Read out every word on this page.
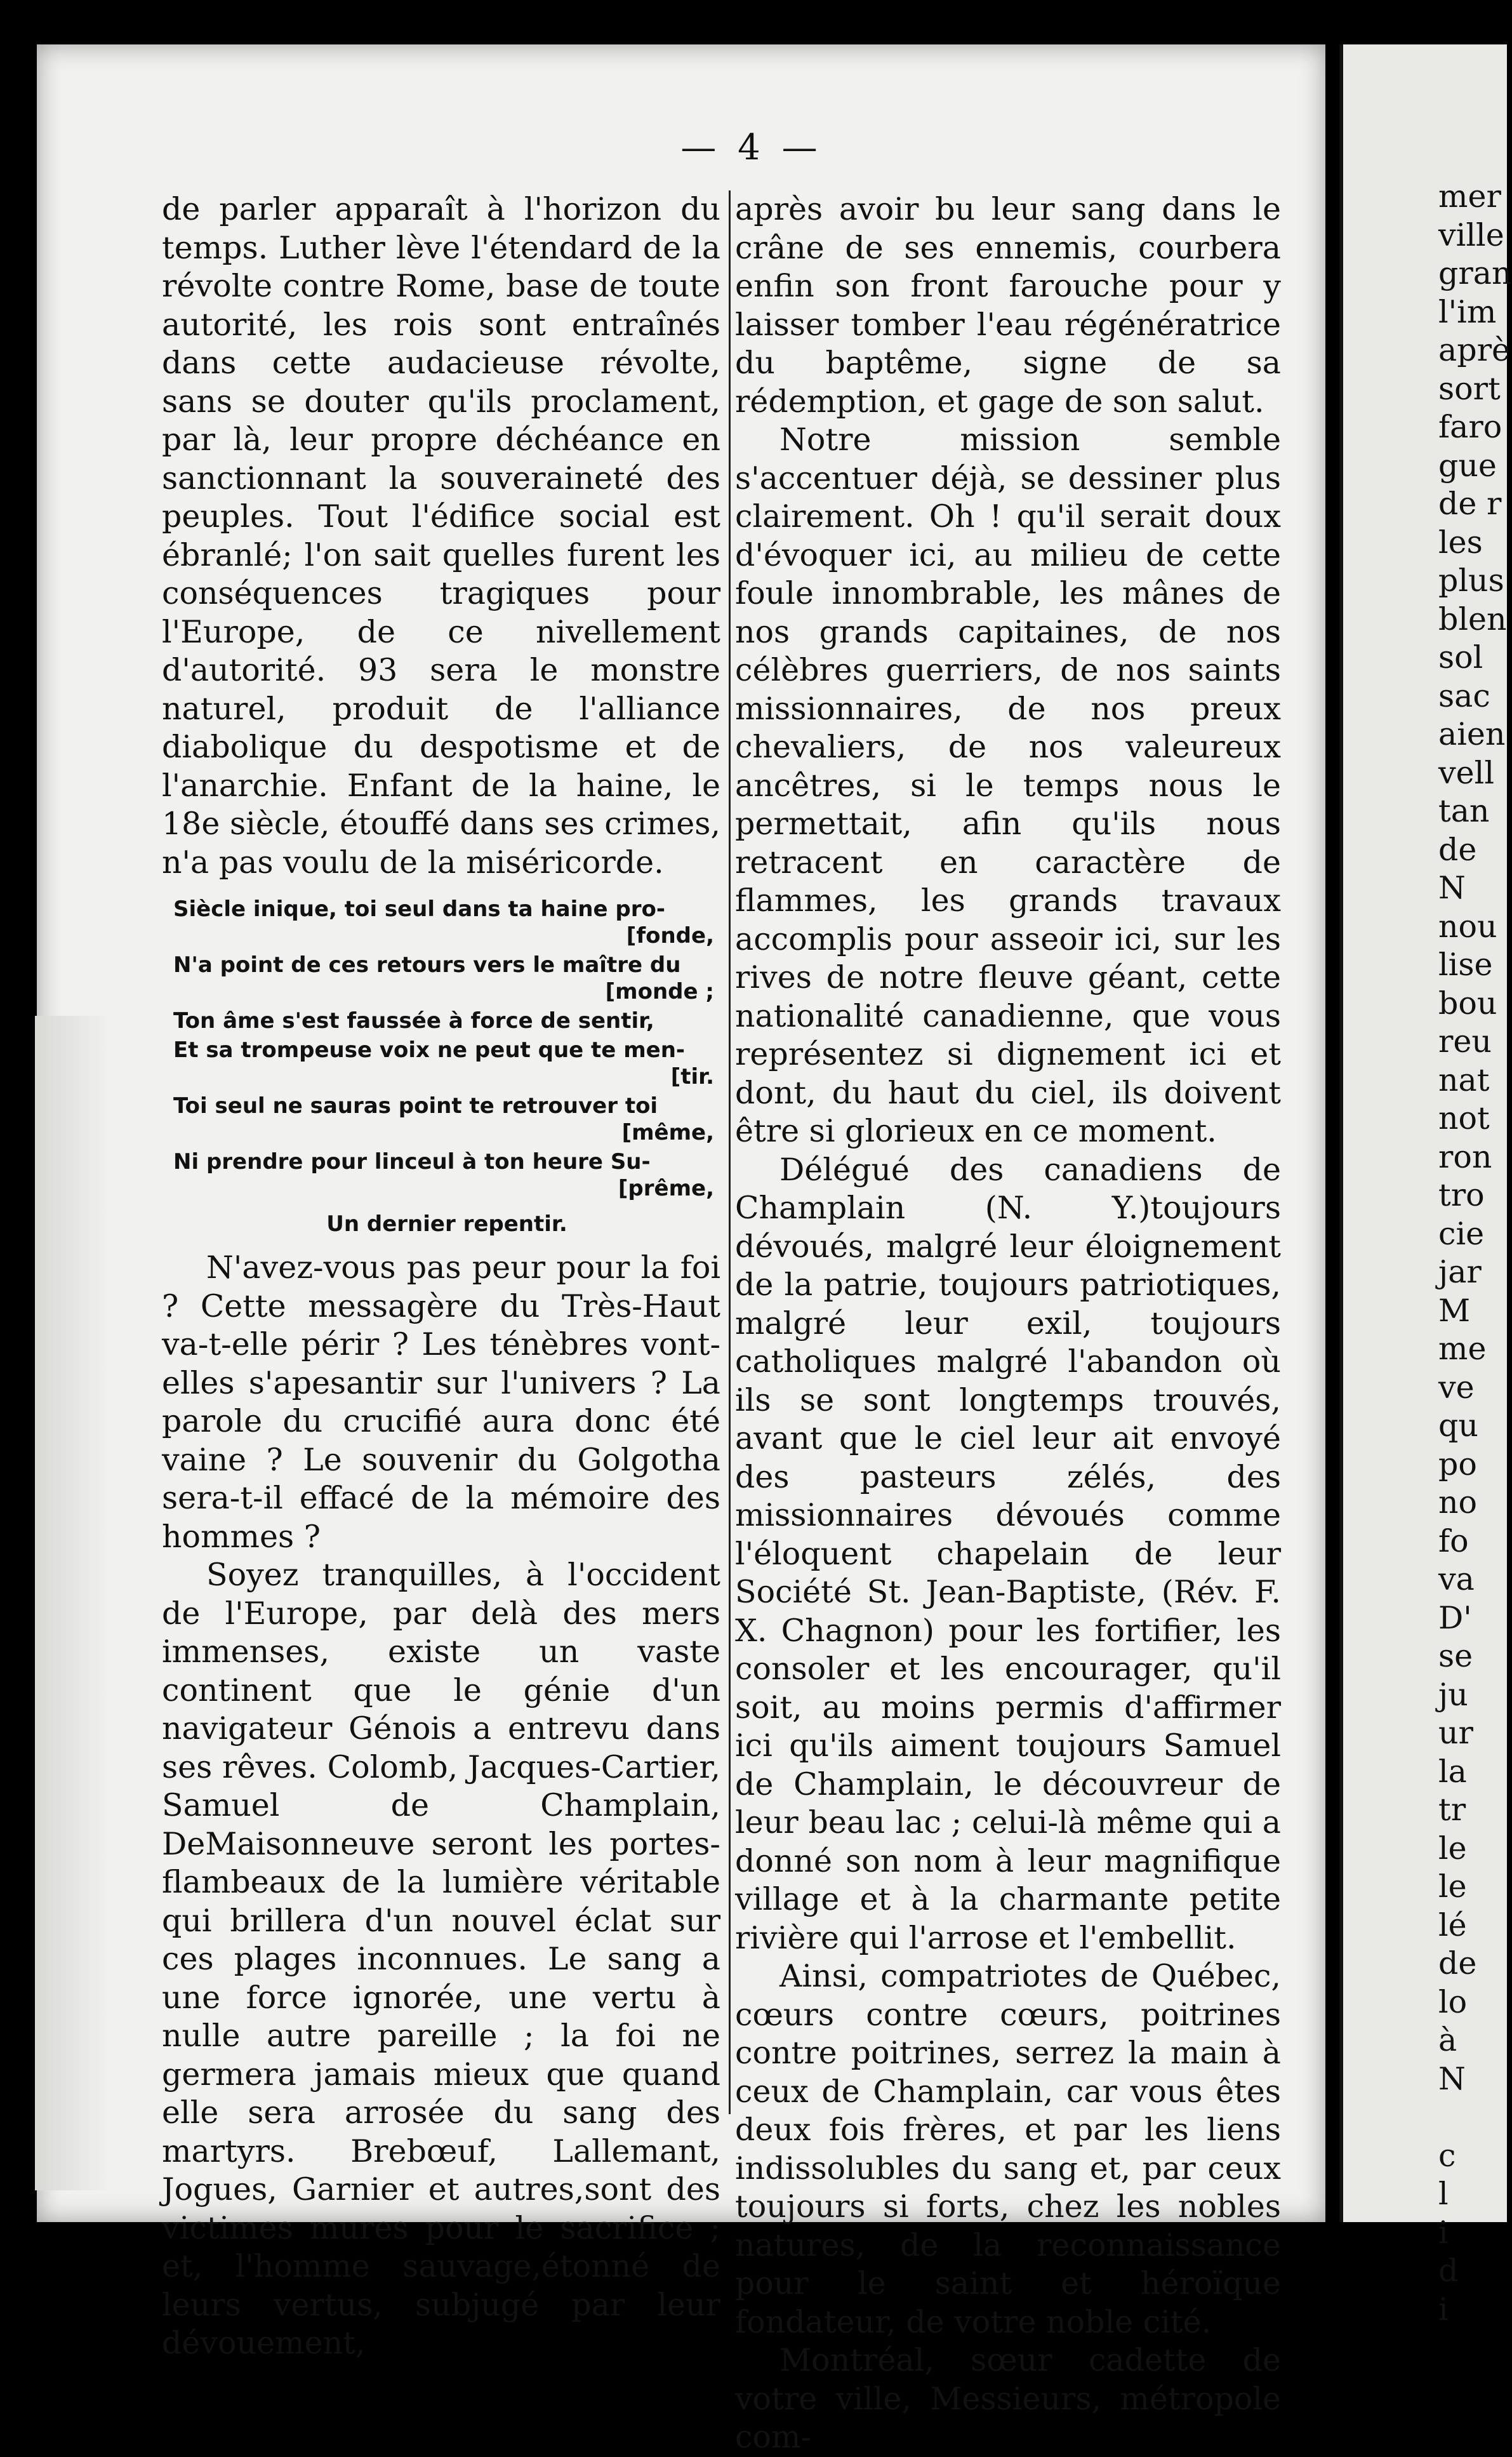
— 4 —

de parler apparaît à l'horizon du temps. Luther lève l'étendard de la révolte contre Rome, base de toute autorité, les rois sont entraînés dans cette audacieuse révolte, sans se douter qu'ils proclament, par là, leur propre déchéance en sanctionnant la souveraineté des peuples. Tout l'édifice social est ébranlé; l'on sait quelles furent les conséquences tragiques pour l'Europe, de ce nivellement d'autorité. 93 sera le monstre naturel, produit de l'alliance diabolique du despotisme et de l'anarchie. Enfant de la haine, le 18e siècle, étouffé dans ses crimes, n'a pas voulu de la miséricorde.

Siècle inique, toi seul dans ta haine pro-
[fonde,
N'a point de ces retours vers le maître du
[monde ;
Ton âme s'est faussée à force de sentir,
Et sa trompeuse voix ne peut que te men-
[tir.
Toi seul ne sauras point te retrouver toi
[même,
Ni prendre pour linceul à ton heure Su-
[prême,
Un dernier repentir.

N'avez-vous pas peur pour la foi ? Cette messagère du Très-Haut va-t-elle périr ? Les ténèbres vont-elles s'apesantir sur l'univers ? La parole du crucifié aura donc été vaine ? Le souvenir du Golgotha sera-t-il effacé de la mémoire des hommes ?

Soyez tranquilles, à l'occident de l'Europe, par delà des mers immenses, existe un vaste continent que le génie d'un navigateur Génois a entrevu dans ses rêves. Colomb, Jacques-Cartier, Samuel de Champlain, DeMaisonneuve seront les portes-flambeaux de la lumière véritable qui brillera d'un nouvel éclat sur ces plages inconnues. Le sang a une force ignorée, une vertu à nulle autre pareille ; la foi ne germera jamais mieux que quand elle sera arrosée du sang des martyrs. Brebœuf, Lallemant, Jogues, Garnier et autres,sont des victimes mures pour le sacrifice ; et, l'homme sauvage,étonné de leurs vertus, subjugé par leur dévouement,

après avoir bu leur sang dans le crâne de ses ennemis, courbera enfin son front farouche pour y laisser tomber l'eau régénératrice du baptême, signe de sa rédemption, et gage de son salut.

Notre mission semble s'accentuer déjà, se dessiner plus clairement. Oh ! qu'il serait doux d'évoquer ici, au milieu de cette foule innombrable, les mânes de nos grands capitaines, de nos célèbres guerriers, de nos saints missionnaires, de nos preux chevaliers, de nos valeureux ancêtres, si le temps nous le permettait, afin qu'ils nous retracent en caractère de flammes, les grands travaux accomplis pour asseoir ici, sur les rives de notre fleuve géant, cette nationalité canadienne, que vous représentez si dignement ici et dont, du haut du ciel, ils doivent être si glorieux en ce moment.

Délégué des canadiens de Champlain (N. Y.)toujours dévoués, malgré leur éloignement de la patrie, toujours patriotiques, malgré leur exil, toujours catholiques malgré l'abandon où ils se sont longtemps trouvés, avant que le ciel leur ait envoyé des pasteurs zélés, des missionnaires dévoués comme l'éloquent chapelain de leur Société St. Jean-Baptiste, (Rév. F. X. Chagnon) pour les fortifier, les consoler et les encourager, qu'il soit, au moins permis d'affirmer ici qu'ils aiment toujours Samuel de Champlain, le découvreur de leur beau lac ; celui-là même qui a donné son nom à leur magnifique village et à la charmante petite rivière qui l'arrose et l'embellit.

Ainsi, compatriotes de Québec, cœurs contre cœurs, poitrines contre poitrines, serrez la main à ceux de Champlain, car vous êtes deux fois frères, et par les liens indissolubles du sang et, par ceux toujours si forts, chez les nobles natures, de la reconnaissance pour le saint et héroïque fondateur, de votre noble cité.

Montréal, sœur cadette de votre ville, Messieurs, métropole com-

mer
ville
gran
l'im
aprè
sort
faro
gue
de r
les
plus
blen
sol
sac
aien
vell
tan
de
N
nou
lise
bou
reu
nat
not
ron
tro
cie
jar
M
me
ve
qu
po
no
fo
va
D'
se
ju
ur
la
tr
le
le
lé
de
lo
à
N

c
l
i
d
i
